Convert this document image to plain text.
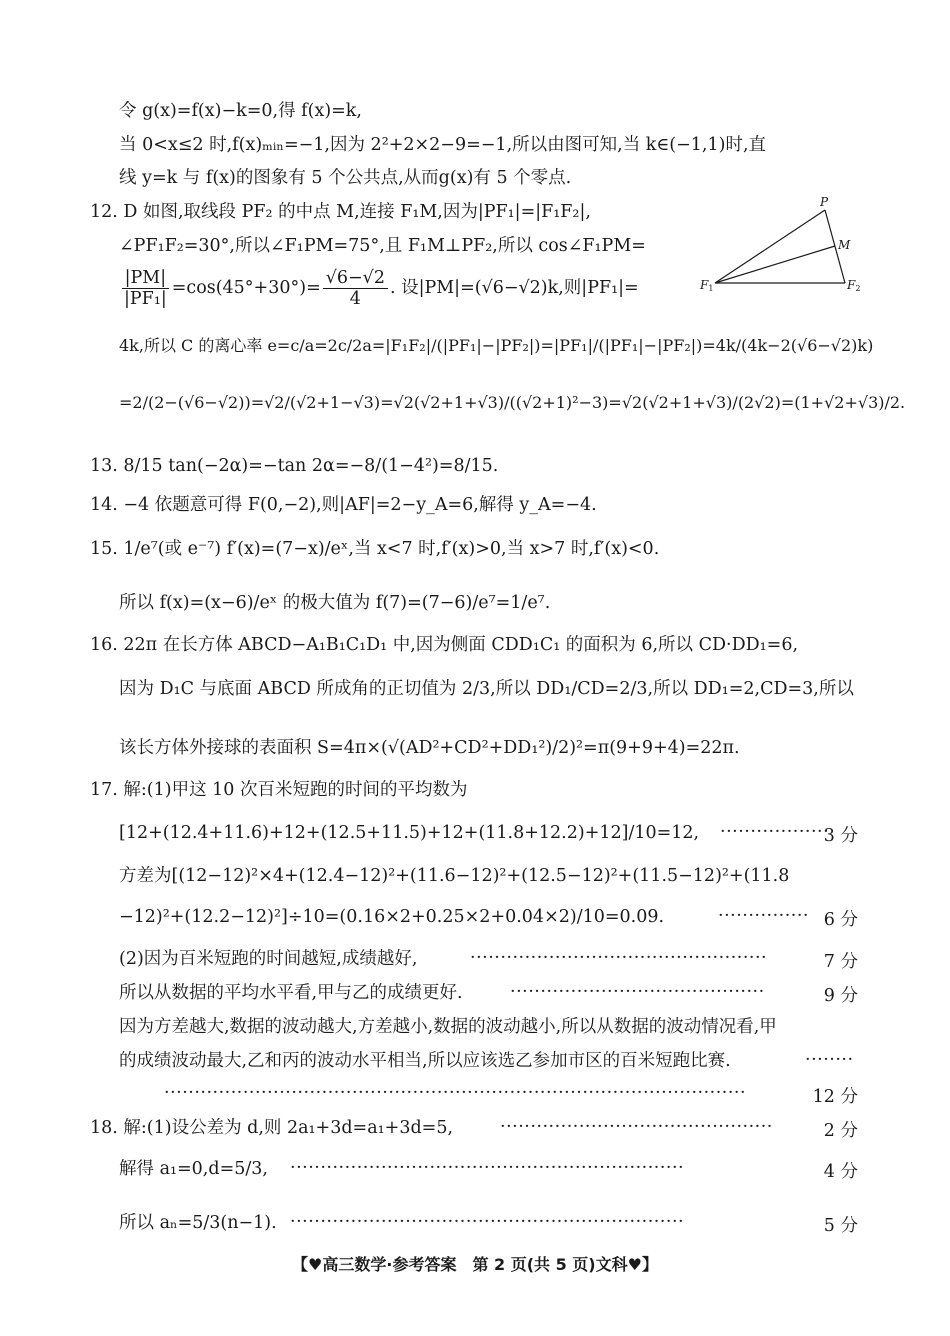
令 g(x)=f(x)−k=0,得 f(x)=k,
当 0<x≤2 时,f(x)ₘᵢₙ=−1,因为 2²+2×2−9=−1,所以由图可知,当 k∈(−1,1)时,直
线 y=k 与 f(x)的图象有 5 个公共点,从而g(x)有 5 个零点.
12. D 如图,取线段 PF₂ 的中点 M,连接 F₁M,因为|PF₁|=|F₁F₂|,
∠PF₁F₂=30°,所以∠F₁PM=75°,且 F₁M⊥PF₂,所以 cos∠F₁PM=
$\frac{|PM|}{\text{|PF₁|}} =\cos(45^\circ+30^\circ)= \frac{√6-√2}{4}$ . 设|PM|=(√6−√2)k,则|PF₁|=
4k,所以 C 的离心率 e=c/a=2c/2a=|F₁F₂|/(|PF₁|−|PF₂|)=|PF₁|/(|PF₁|−|PF₂|)=4k/(4k−2(√6−√2)k)
=2/(2−(√6−√2))=√2/(√2+1−√3)=√2(√2+1+√3)/((√2+1)²−3)=√2(√2+1+√3)/(2√2)=(1+√2+√3)/2.
P
M
F1	F2
13. 8/15 tan(−2α)=−tan 2α=−8/(1−4²)=8/15.
14. −4 依题意可得 F(0,−2),则|AF|=2−y_A=6,解得 y_A=−4.
15. 1/e⁷(或 e⁻⁷) f′(x)=(7−x)/eˣ,当 x<7 时,f′(x)>0,当 x>7 时,f′(x)<0.
所以 f(x)=(x−6)/eˣ 的极大值为 f(7)=(7−6)/e⁷=1/e⁷.
16. 22π 在长方体 ABCD−A₁B₁C₁D₁ 中,因为侧面 CDD₁C₁ 的面积为 6,所以 CD·DD₁=6,
因为 D₁C 与底面 ABCD 所成角的正切值为 2/3,所以 DD₁/CD=2/3,所以 DD₁=2,CD=3,所以
该长方体外接球的表面积 S=4π×(√(AD²+CD²+DD₁²)/2)²=π(9+9+4)=22π.
17. 解:(1)甲这 10 次百米短跑的时间的平均数为
[12+(12.4+11.6)+12+(12.5+11.5)+12+(11.8+12.2)+12]/10=12, ··················
3 分
方差为[(12−12)²×4+(12.4−12)²+(11.6−12)²+(12.5−12)²+(11.5−12)²+(11.8
−12)²+(12.2−12)²]÷10=(0.16×2+0.25×2+0.04×2)/10=0.09.	··············· 6 分
(2)因为百米短跑的时间越短,成绩越好,	·················································	7 分
所以从数据的平均水平看,甲与乙的成绩更好.	··········································	9 分
因为方差越大,数据的波动越大,方差越小,数据的波动越小,所以从数据的波动情况看,甲
的成绩波动最大,乙和丙的波动水平相当,所以应该选乙参加市区的百米短跑比赛.	········
································································································	12 分
18. 解:(1)设公差为 d,则 2a₁+3d=a₁+3d=5,	·············································	2 分
解得 a₁=0,d=5/3, ·································································	4 分
所以 aₙ=5/3(n−1). ·································································	5 分
【♥高三数学·参考答案　第 2 页(共 5 页)文科♥】
